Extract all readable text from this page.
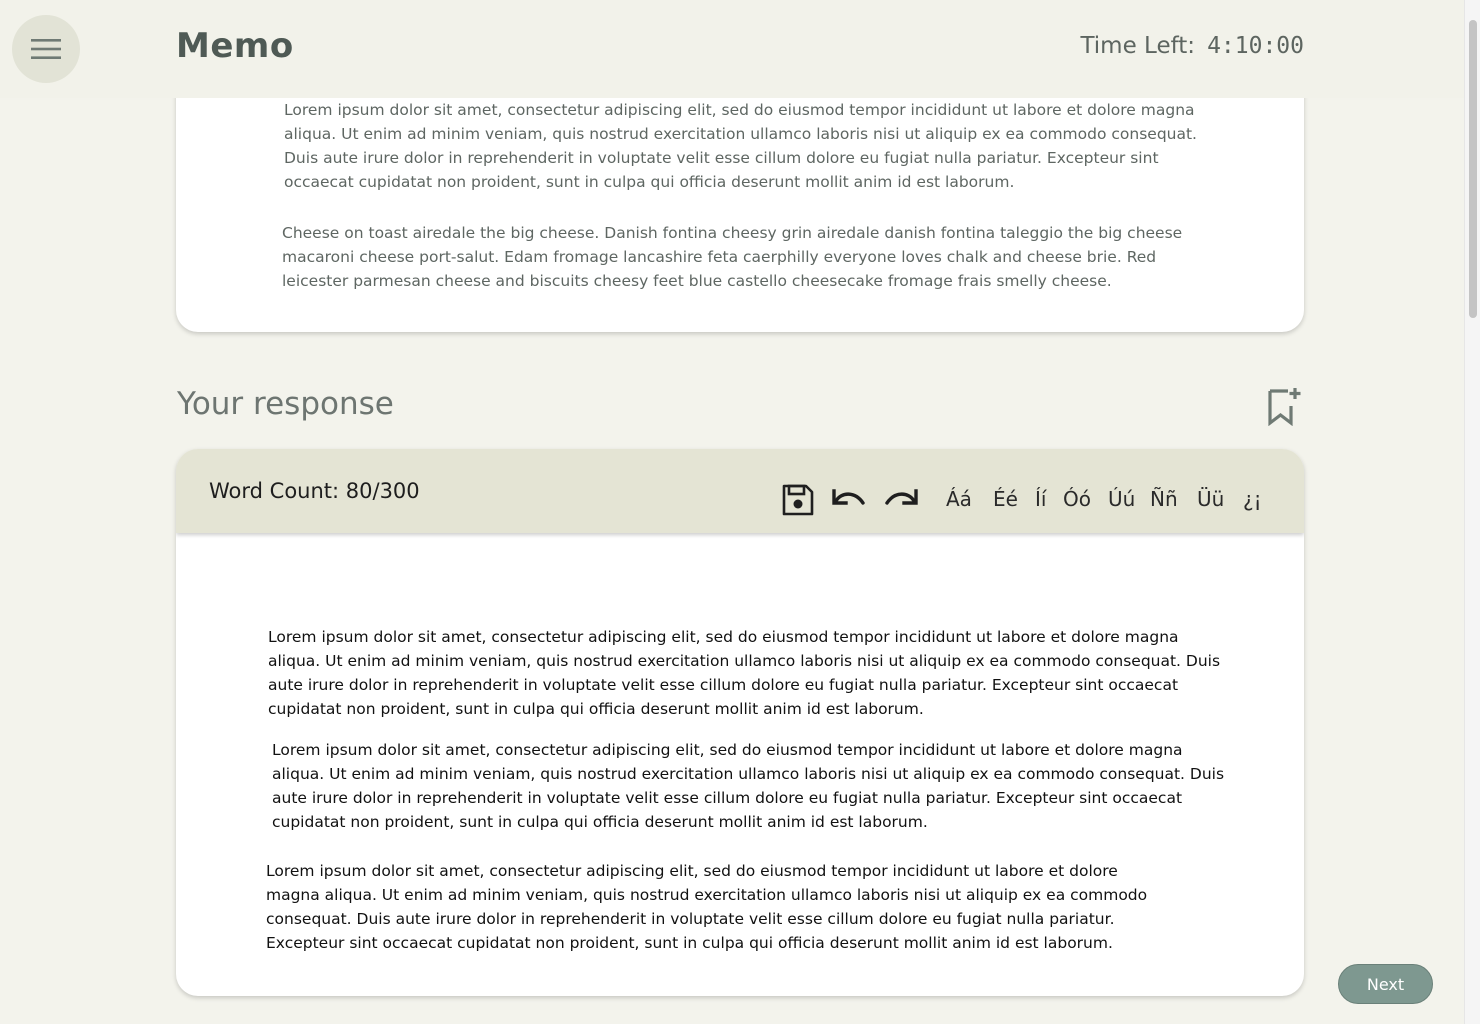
Lorem ipsum dolor sit amet, consectetur adipiscing elit, sed do eiusmod tempor incididunt ut labore et dolore magna aliqua. Ut enim ad minim veniam, quis nostrud exercitation ullamco laboris nisi ut aliquip ex ea commodo consequat. Duis aute irure dolor in reprehenderit in voluptate velit esse cillum dolore eu fugiat nulla pariatur. Excepteur sint occaecat cupidatat non proident, sunt in culpa qui officia deserunt mollit anim id est laborum.

Cheese on toast airedale the big cheese. Danish fontina cheesy grin airedale danish fontina taleggio the big cheese macaroni cheese port-salut. Edam fromage lancashire feta caerphilly everyone loves chalk and cheese brie. Red leicester parmesan cheese and biscuits cheesy feet blue castello cheesecake fromage frais smelly cheese.

Your response
Word Count: 80/300	Áá Éé Íí Óó Úú Ññ Üü ¿¡

Lorem ipsum dolor sit amet, consectetur adipiscing elit, sed do eiusmod tempor incididunt ut labore et dolore magna aliqua. Ut enim ad minim veniam, quis nostrud exercitation ullamco laboris nisi ut aliquip ex ea commodo consequat. Duis aute irure dolor in reprehenderit in voluptate velit esse cillum dolore eu fugiat nulla pariatur. Excepteur sint occaecat cupidatat non proident, sunt in culpa qui officia deserunt mollit anim id est laborum.

Lorem ipsum dolor sit amet, consectetur adipiscing elit, sed do eiusmod tempor incididunt ut labore et dolore magna aliqua. Ut enim ad minim veniam, quis nostrud exercitation ullamco laboris nisi ut aliquip ex ea commodo consequat. Duis aute irure dolor in reprehenderit in voluptate velit esse cillum dolore eu fugiat nulla pariatur. Excepteur sint occaecat cupidatat non proident, sunt in culpa qui officia deserunt mollit anim id est laborum.

Lorem ipsum dolor sit amet, consectetur adipiscing elit, sed do eiusmod tempor incididunt ut labore et dolore magna aliqua. Ut enim ad minim veniam, quis nostrud exercitation ullamco laboris nisi ut aliquip ex ea commodo consequat. Duis aute irure dolor in reprehenderit in voluptate velit esse cillum dolore eu fugiat nulla pariatur. Excepteur sint occaecat cupidatat non proident, sunt in culpa qui officia deserunt mollit anim id est laborum.

Next
Memo	Time Left: 4:10:00
